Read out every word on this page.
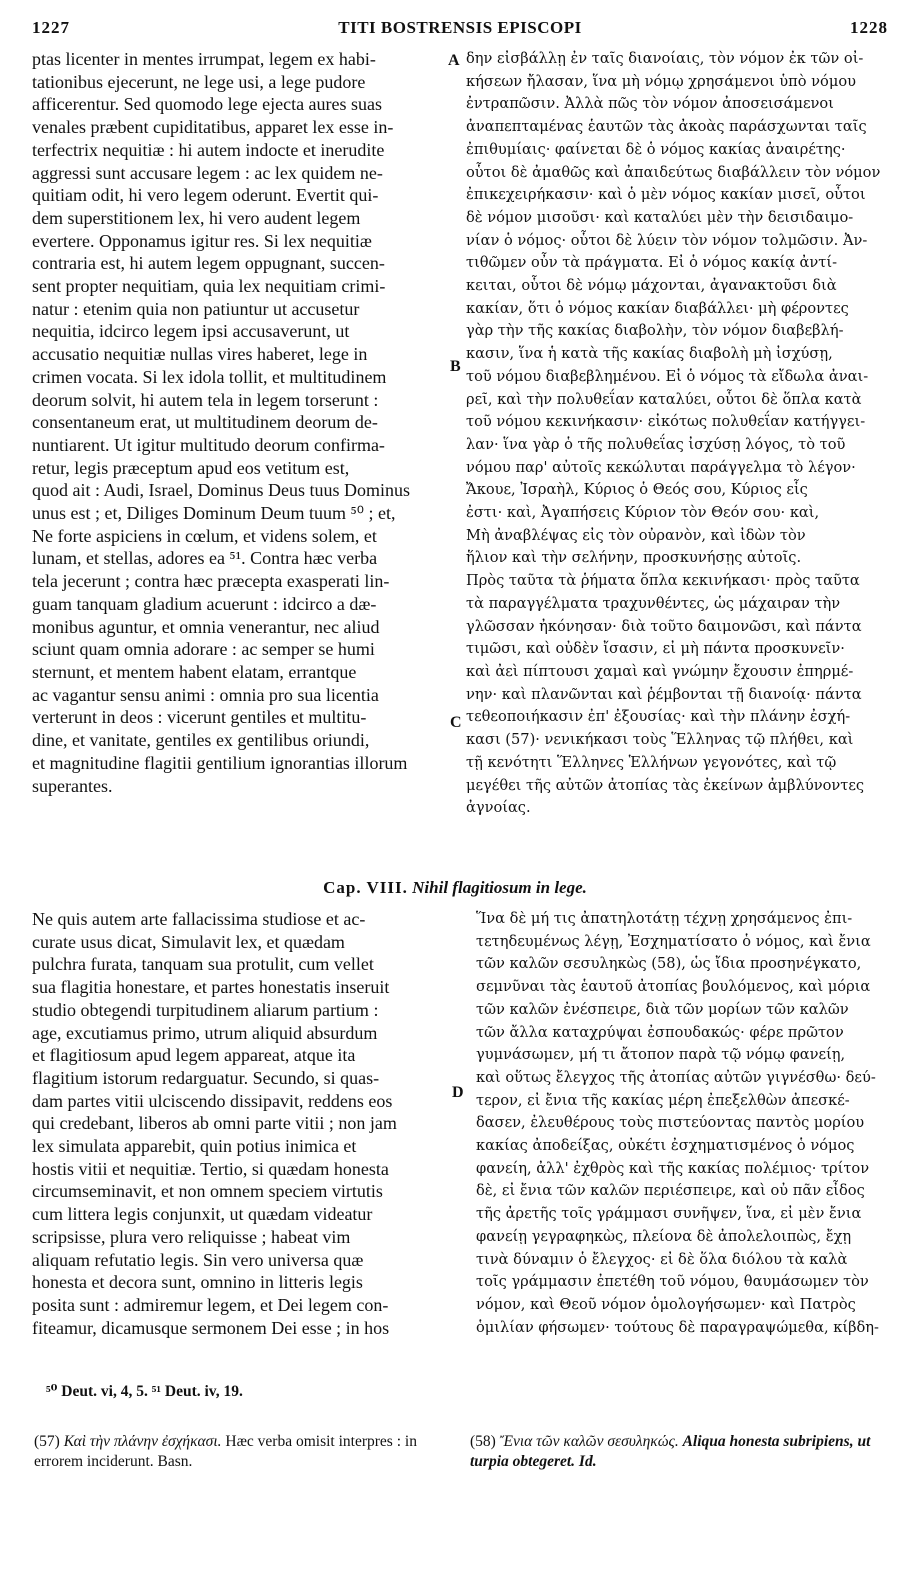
1227	TITI BOSTRENSIS EPISCOPI	1228
ptas licenter in mentes irrumpat, legem ex habi-
tationibus ejecerunt, ne lege usi, a lege pudore
afficerentur. Sed quomodo lege ejecta aures suas
venales præbent cupiditatibus, apparet lex esse in-
terfectrix nequitiæ : hi autem indocte et inerudite
aggressi sunt accusare legem : ac lex quidem ne-
quitiam odit, hi vero legem oderunt. Evertit qui-
dem superstitionem lex, hi vero audent legem
evertere. Opponamus igitur res. Si lex nequitiæ
contraria est, hi autem legem oppugnant, succen-
sent propter nequitiam, quia lex nequitiam crimi-
natur : etenim quia non patiuntur ut accusetur
nequitia, idcirco legem ipsi accusaverunt, ut
accusatio nequitiæ nullas vires haberet, lege in
crimen vocata. Si lex idola tollit, et multitudinem
deorum solvit, hi autem tela in legem torserunt :
consentaneum erat, ut multitudinem deorum de-
nuntiarent. Ut igitur multitudo deorum confirma-
retur, legis præceptum apud eos vetitum est,
quod ait : Audi, Israel, Dominus Deus tuus Dominus
unus est ; et, Diliges Dominum Deum tuum ⁵⁰ ; et,
Ne forte aspiciens in cœlum, et videns solem, et
lunam, et stellas, adores ea ⁵¹. Contra hæc verba
tela jecerunt ; contra hæc præcepta exasperati lin-
guam tanquam gladium acuerunt : idcirco a dæ-
monibus aguntur, et omnia venerantur, nec aliud
sciunt quam omnia adorare : ac semper se humi
sternunt, et mentem habent elatam, errantque
ac vagantur sensu animi : omnia pro sua licentia
verterunt in deos : vicerunt gentiles et multitu-
dine, et vanitate, gentiles ex gentilibus oriundi,
et magnitudine flagitii gentilium ignorantias illorum
superantes.
δην εἰσβάλλῃ ἐν ταῖς διανοίαις, τὸν νόμον ἐκ τῶν οἰ-
κήσεων ἤλασαν, ἵνα μὴ νόμῳ χρησάμενοι ὑπὸ νόμου
ἐντραπῶσιν. Ἀλλὰ πῶς τὸν νόμον ἀποσεισάμενοι
ἀναπεπταμένας ἑαυτῶν τὰς ἀκοὰς παράσχωνται ταῖς
ἐπιθυμίαις· φαίνεται δὲ ὁ νόμος κακίας ἀναιρέτης·
οὗτοι δὲ ἀμαθῶς καὶ ἀπαιδεύτως διαβάλλειν τὸν νόμον
ἐπικεχειρήκασιν· καὶ ὁ μὲν νόμος κακίαν μισεῖ, οὗτοι
δὲ νόμον μισοῦσι· καὶ καταλύει μὲν τὴν δεισιδαιμο-
νίαν ὁ νόμος· οὗτοι δὲ λύειν τὸν νόμον τολμῶσιν. Ἀν-
τιθῶμεν οὖν τὰ πράγματα. Εἰ ὁ νόμος κακίᾳ ἀντί-
κειται, οὗτοι δὲ νόμῳ μάχονται, ἀγανακτοῦσι διὰ
κακίαν, ὅτι ὁ νόμος κακίαν διαβάλλει· μὴ φέροντες
γὰρ τὴν τῆς κακίας διαβολὴν, τὸν νόμον διαβεβλή-
κασιν, ἵνα ἡ κατὰ τῆς κακίας διαβολὴ μὴ ἰσχύσῃ,
τοῦ νόμου διαβεβλημένου. Εἰ ὁ νόμος τὰ εἴδωλα ἀναι-
ρεῖ, καὶ τὴν πολυθεΐαν καταλύει, οὗτοι δὲ ὅπλα κατὰ
τοῦ νόμου κεκινήκασιν· εἰκότως πολυθεΐαν κατήγγει-
λαν· ἵνα γὰρ ὁ τῆς πολυθεΐας ἰσχύσῃ λόγος, τὸ τοῦ
νόμου παρ' αὐτοῖς κεκώλυται παράγγελμα τὸ λέγον·
Ἄκουε, Ἰσραὴλ, Κύριος ὁ Θεός σου, Κύριος εἷς
ἐστι· καὶ, Ἀγαπήσεις Κύριον τὸν Θεόν σου· καὶ,
Μὴ ἀναβλέψας εἰς τὸν οὐρανὸν, καὶ ἰδὼν τὸν
ἥλιον καὶ τὴν σελήνην, προσκυνήσῃς αὐτοῖς.
Πρὸς ταῦτα τὰ ῥήματα ὅπλα κεκινήκασι· πρὸς ταῦτα
τὰ παραγγέλματα τραχυνθέντες, ὡς μάχαιραν τὴν
γλῶσσαν ἠκόνησαν· διὰ τοῦτο δαιμονῶσι, καὶ πάντα
τιμῶσι, καὶ οὐδὲν ἴσασιν, εἰ μὴ πάντα προσκυνεῖν·
καὶ ἀεὶ πίπτουσι χαμαὶ καὶ γνώμην ἔχουσιν ἐπηρμέ-
νην· καὶ πλανῶνται καὶ ῥέμβονται τῇ διανοίᾳ· πάντα
τεθεοποιήκασιν ἐπ' ἐξουσίας· καὶ τὴν πλάνην ἐσχή-
κασι (57)· νενικήκασι τοὺς Ἕλληνας τῷ πλήθει, καὶ
τῇ κενότητι Ἕλληνες Ἑλλήνων γεγονότες, καὶ τῷ
μεγέθει τῆς αὐτῶν ἀτοπίας τὰς ἐκείνων ἀμβλύνοντες
ἀγνοίας.
A
B
C
D
Cap. VIII. Nihil flagitiosum in lege.
Ne quis autem arte fallacissima studiose et ac-
curate usus dicat, Simulavit lex, et quædam
pulchra furata, tanquam sua protulit, cum vellet
sua flagitia honestare, et partes honestatis inseruit
studio obtegendi turpitudinem aliarum partium :
age, excutiamus primo, utrum aliquid absurdum
et flagitiosum apud legem appareat, atque ita
flagitium istorum redarguatur. Secundo, si quas-
dam partes vitii ulciscendo dissipavit, reddens eos
qui credebant, liberos ab omni parte vitii ; non jam
lex simulata apparebit, quin potius inimica et
hostis vitii et nequitiæ. Tertio, si quædam honesta
circumseminavit, et non omnem speciem virtutis
cum littera legis conjunxit, ut quædam videatur
scripsisse, plura vero reliquisse ; habeat vim
aliquam refutatio legis. Sin vero universa quæ
honesta et decora sunt, omnino in litteris legis
posita sunt : admiremur legem, et Dei legem con-
fiteamur, dicamusque sermonem Dei esse ; in hos
Ἵνα δὲ μή τις ἀπατηλοτάτῃ τέχνῃ χρησάμενος ἐπι-
τετηδευμένως λέγῃ, Ἐσχηματίσατο ὁ νόμος, καὶ ἔνια
τῶν καλῶν σεσυληκὼς (58), ὡς ἴδια προσηνέγκατο,
σεμνῦναι τὰς ἑαυτοῦ ἀτοπίας βουλόμενος, καὶ μόρια
τῶν καλῶν ἐνέσπειρε, διὰ τῶν μορίων τῶν καλῶν
τῶν ἄλλα καταχρύψαι ἐσπουδακώς· φέρε πρῶτον
γυμνάσωμεν, μή τι ἄτοπον παρὰ τῷ νόμῳ φανείῃ,
καὶ οὕτως ἔλεγχος τῆς ἀτοπίας αὐτῶν γιγνέσθω· δεύ-
τερον, εἰ ἔνια τῆς κακίας μέρη ἐπεξελθὼν ἀπεσκέ-
δασεν, ἐλευθέρους τοὺς πιστεύοντας παντὸς μορίου
κακίας ἀποδείξας, οὐκέτι ἐσχηματισμένος ὁ νόμος
φανείη, ἀλλ' ἐχθρὸς καὶ τῆς κακίας πολέμιος· τρίτον
δὲ, εἰ ἔνια τῶν καλῶν περιέσπειρε, καὶ οὐ πᾶν εἶδος
τῆς ἀρετῆς τοῖς γράμμασι συνῆψεν, ἵνα, εἰ μὲν ἔνια
φανείῃ γεγραφηκὼς, πλείονα δὲ ἀπολελοιπὼς, ἔχῃ
τινὰ δύναμιν ὁ ἔλεγχος· εἰ δὲ ὅλα διόλου τὰ καλὰ
τοῖς γράμμασιν ἐπετέθη τοῦ νόμου, θαυμάσωμεν τὸν
νόμον, καὶ Θεοῦ νόμον ὁμολογήσωμεν· καὶ Πατρὸς
ὁμιλίαν φήσωμεν· τούτους δὲ παραγραψώμεθα, κίβδη-
⁵⁰ Deut. vi, 4, 5. ⁵¹ Deut. iv, 19.
(57) Καὶ τὴν πλάνην ἐσχήκασι. Hæc verba omisit interpres : in errorem inciderunt. Basn.
(58) Ἔνια τῶν καλῶν σεσυληκώς. Aliqua honesta subripiens, ut turpia obtegeret. Id.
